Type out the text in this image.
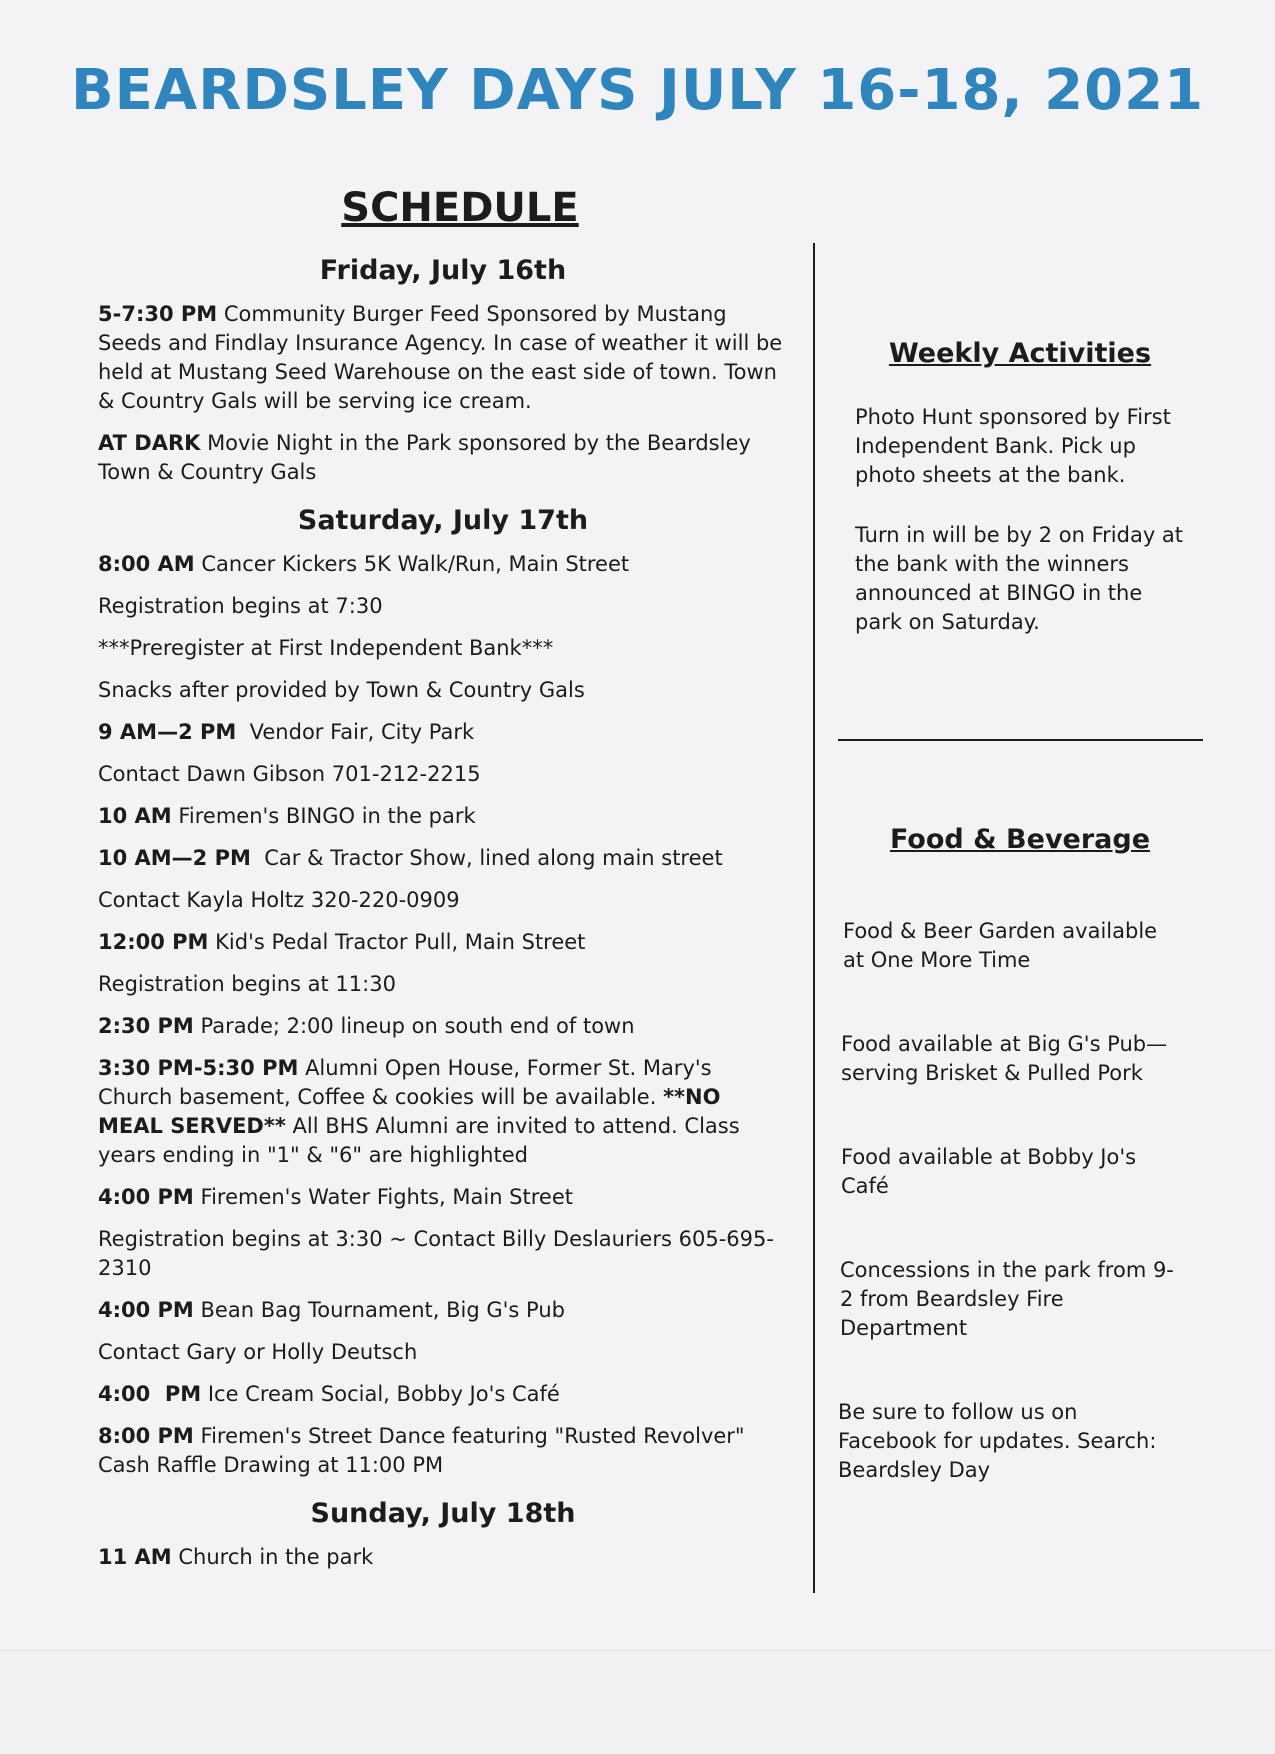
BEARDSLEY DAYS JULY 16-18, 2021
SCHEDULE
Friday, July 16th

5-7:30 PM Community Burger Feed Sponsored by Mustang Seeds and Findlay Insurance Agency. In case of weather it will be held at Mustang Seed Warehouse on the east side of town. Town & Country Gals will be serving ice cream.

AT DARK Movie Night in the Park sponsored by the Beardsley Town & Country Gals

Saturday, July 17th

8:00 AM Cancer Kickers 5K Walk/Run, Main Street

Registration begins at 7:30

***Preregister at First Independent Bank***

Snacks after provided by Town & Country Gals

9 AM—2 PM  Vendor Fair, City Park

Contact Dawn Gibson 701-212-2215

10 AM Firemen's BINGO in the park

10 AM—2 PM  Car & Tractor Show, lined along main street

Contact Kayla Holtz 320-220-0909

12:00 PM Kid's Pedal Tractor Pull, Main Street

Registration begins at 11:30

2:30 PM Parade; 2:00 lineup on south end of town

3:30 PM-5:30 PM Alumni Open House, Former St. Mary's Church basement, Coffee & cookies will be available. **NO MEAL SERVED** All BHS Alumni are invited to attend. Class years ending in "1" & "6" are highlighted

4:00 PM Firemen's Water Fights, Main Street

Registration begins at 3:30 ~ Contact Billy Deslauriers 605-695-2310

4:00 PM Bean Bag Tournament, Big G's Pub

Contact Gary or Holly Deutsch

4:00  PM Ice Cream Social, Bobby Jo's Café

8:00 PM Firemen's Street Dance featuring "Rusted Revolver" Cash Raffle Drawing at 11:00 PM

Sunday, July 18th

11 AM Church in the park

Weekly Activities

Photo Hunt sponsored by First Independent Bank. Pick up photo sheets at the bank.

Turn in will be by 2 on Friday at the bank with the winners announced at BINGO in the park on Saturday.

Food & Beverage

Food & Beer Garden available at One More Time

Food available at Big G's Pub—serving Brisket & Pulled Pork

Food available at Bobby Jo's Café

Concessions in the park from 9-2 from Beardsley Fire Department

Be sure to follow us on Facebook for updates. Search: Beardsley Day
